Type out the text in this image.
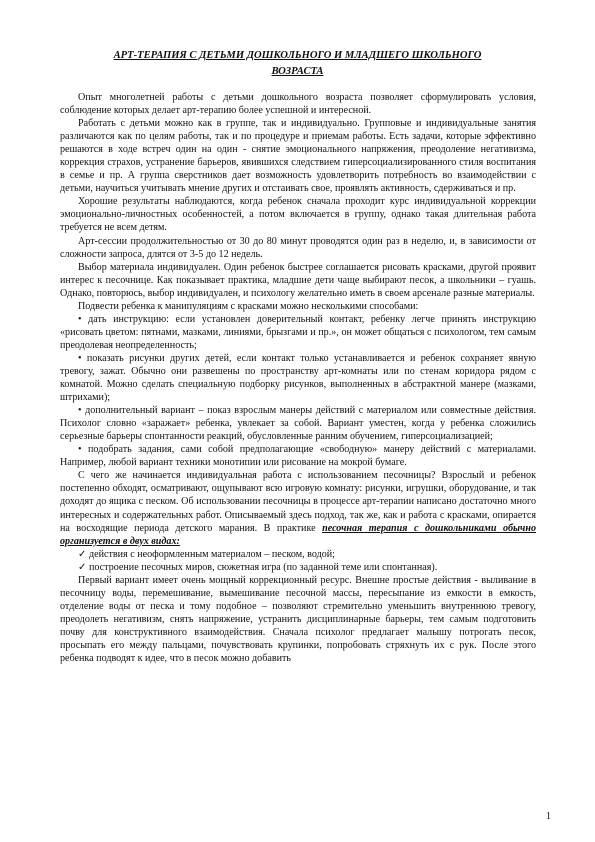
АРТ-ТЕРАПИЯ С ДЕТЬМИ ДОШКОЛЬНОГО И МЛАДШЕГО ШКОЛЬНОГО
ВОЗРАСТА

Опыт многолетней работы с детьми дошкольного возраста позволяет сформулировать условия, соблюдение которых делает арт-терапию более успешной и интересной.

Работать с детьми можно как в группе, так и индивидуально. Групповые и индивидуальные занятия различаются как по целям работы, так и по процедуре и приемам работы. Есть задачи, которые эффективно решаются в ходе встреч один на один - снятие эмоционального напряжения, преодоление негативизма, коррекция страхов, устранение барьеров, явившихся следствием гиперсоциализированного стиля воспитания в семье и пр. А группа сверстников дает возможность удовлетворить потребность во взаимодействии с детьми, научиться учитывать мнение других и отстаивать свое, проявлять активность, сдерживаться и пр.

Хорошие результаты наблюдаются, когда ребенок сначала проходит курс индивидуальной коррекции эмоционально-личностных особенностей, а потом включается в группу, однако такая длительная работа требуется не всем детям.

Арт-сессии продолжительностью от 30 до 80 минут проводятся один раз в неделю, и, в зависимости от сложности запроса, длятся от 3-5 до 12 недель.

Выбор материала индивидуален. Один ребенок быстрее соглашается рисовать красками, другой проявит интерес к песочнице. Как показывает практика, младшие дети чаще выбирают песок, а школьники – гуашь. Однако, повторюсь, выбор индивидуален, и психологу желательно иметь в своем арсенале разные материалы.

Подвести ребенка к манипуляциям с красками можно несколькими способами:

• дать инструкцию: если установлен доверительный контакт, ребенку легче принять инструкцию «рисовать цветом: пятнами, мазками, линиями, брызгами и пр.», он может общаться с психологом, тем самым преодолевая неопределенность;

• показать рисунки других детей, если контакт только устанавливается и ребенок сохраняет явную тревогу, зажат. Обычно они развешены по пространству арт-комнаты или по стенам коридора рядом с комнатой. Можно сделать специальную подборку рисунков, выполненных в абстрактной манере (мазками, штрихами);

• дополнительный вариант – показ взрослым манеры действий с материалом или совместные действия. Психолог словно «заражает» ребенка, увлекает за собой. Вариант уместен, когда у ребенка сложились серьезные барьеры спонтанности реакций, обусловленные ранним обучением, гиперсоциализацией;

• подобрать задания, сами собой предполагающие «свободную» манеру действий с материалами. Например, любой вариант техники монотипии или рисование на мокрой бумаге.

С чего же начинается индивидуальная работа с использованием песочницы? Взрослый и ребенок постепенно обходят, осматривают, ощупывают всю игровую комнату: рисунки, игрушки, оборудование, и так доходят до ящика с песком. Об использовании песочницы в процессе арт-терапии написано достаточно много интересных и содержательных работ. Описываемый здесь подход, так же, как и работа с красками, опирается на восходящие периода детского марания. В практике песочная терапия с дошкольниками обычно организуется в двух видах:

✓ действия с неоформленным материалом – песком, водой;

✓ построение песочных миров, сюжетная игра (по заданной теме или спонтанная).

Первый вариант имеет очень мощный коррекционный ресурс. Внешне простые действия - выливание в песочницу воды, перемешивание, вымешивание песочной массы, пересыпание из емкости в емкость, отделение воды от песка и тому подобное – позволяют стремительно уменьшить внутреннюю тревогу, преодолеть негативизм, снять напряжение, устранить дисциплинарные барьеры, тем самым подготовить почву для конструктивного взаимодействия. Сначала психолог предлагает малышу потрогать песок, просыпать его между пальцами, почувствовать крупинки, попробовать стряхнуть их с рук. После этого ребенка подводят к идее, что в песок можно добавить

1
